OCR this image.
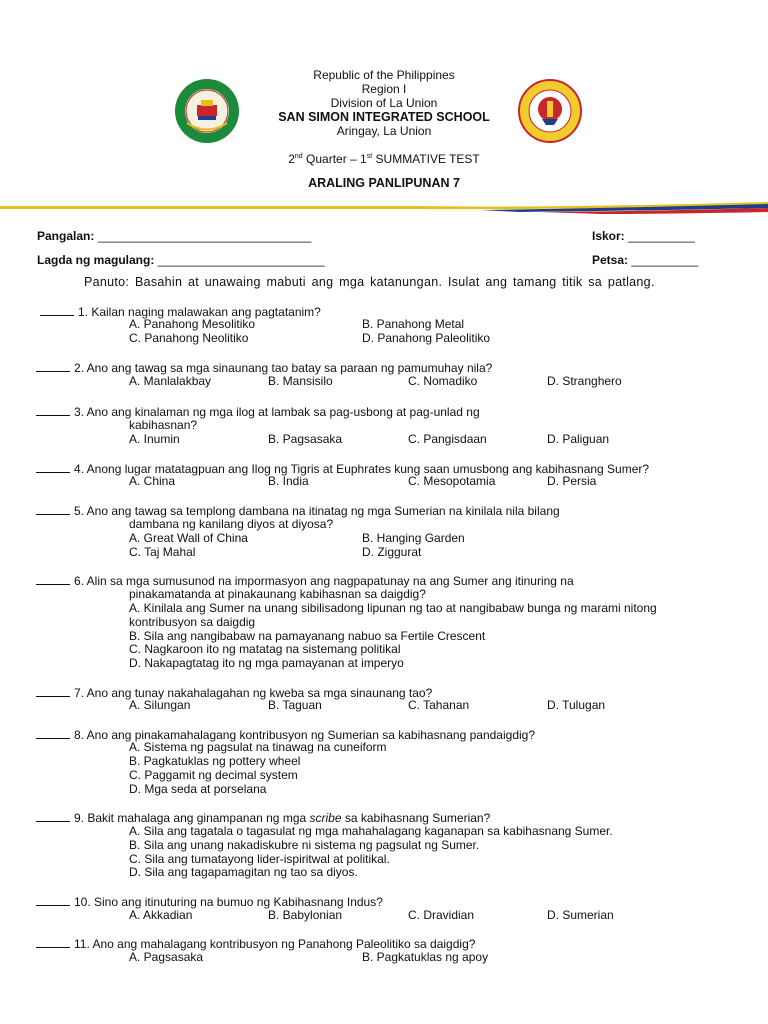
Republic of the Philippines
Region I
Division of La Union
SAN SIMON INTEGRATED SCHOOL
Aringay, La Union
2nd Quarter – 1st SUMMATIVE TEST
ARALING PANLIPUNAN 7
Pangalan: ________________________________	Iskor: __________
Lagda ng magulang: _________________________	Petsa: __________
Panuto: Basahin at unawaing mabuti ang mga katanungan. Isulat ang tamang titik sa patlang.
1. Kailan naging malawakan ang pagtatanim?
A. Panahong Mesolitiko	B. Panahong Metal
C. Panahong Neolitiko	D. Panahong Paleolitiko
2. Ano ang tawag sa mga sinaunang tao batay sa paraan ng pamumuhay nila?
A. Manlalakbay	B. Mansisilo	C. Nomadiko	D. Stranghero
3. Ano ang kinalaman ng mga ilog at lambak sa pag-usbong at pag-unlad ng
kabihasnan?
A. Inumin	B. Pagsasaka	C. Pangisdaan	D. Paliguan
4. Anong lugar matatagpuan ang Ilog ng Tigris at Euphrates kung saan umusbong ang kabihasnang Sumer?
A. China	B. India	C. Mesopotamia	D. Persia
5. Ano ang tawag sa templong dambana na itinatag ng mga Sumerian na kinilala nila bilang
dambana ng kanilang diyos at diyosa?
A. Great Wall of China	B. Hanging Garden
C. Taj Mahal	D. Ziggurat
6. Alin sa mga sumusunod na impormasyon ang nagpapatunay na ang Sumer ang itinuring na
pinakamatanda at pinakaunang kabihasnan sa daigdig?
A. Kinilala ang Sumer na unang sibilisadong lipunan ng tao at nangibabaw bunga ng marami nitong kontribusyon sa daigdig
B. Sila ang nangibabaw na pamayanang nabuo sa Fertile Crescent
C. Nagkaroon ito ng matatag na sistemang politikal
D. Nakapagtatag ito ng mga pamayanan at imperyo
7. Ano ang tunay nakahalagahan ng kweba sa mga sinaunang tao?
A. Silungan	B. Taguan	C. Tahanan	D. Tulugan
8. Ano ang pinakamahalagang kontribusyon ng Sumerian sa kabihasnang pandaigdig?
A. Sistema ng pagsulat na tinawag na cuneiform
B. Pagkatuklas ng pottery wheel
C. Paggamit ng decimal system
D. Mga seda at porselana
9. Bakit mahalaga ang ginampanan ng mga scribe sa kabihasnang Sumerian?
A. Sila ang tagatala o tagasulat ng mga mahahalagang kaganapan sa kabihasnang Sumer.
B. Sila ang unang nakadiskubre ni sistema ng pagsulat ng Sumer.
C. Sila ang tumatayong lider-ispiritwal at politikal.
D. Sila ang tagapamagitan ng tao sa diyos.
10. Sino ang itinuturing na bumuo ng Kabihasnang Indus?
A. Akkadian	B. Babylonian	C. Dravidian	D. Sumerian
11. Ano ang mahalagang kontribusyon ng Panahong Paleolitiko sa daigdig?
A. Pagsasaka	B. Pagkatuklas ng apoy
